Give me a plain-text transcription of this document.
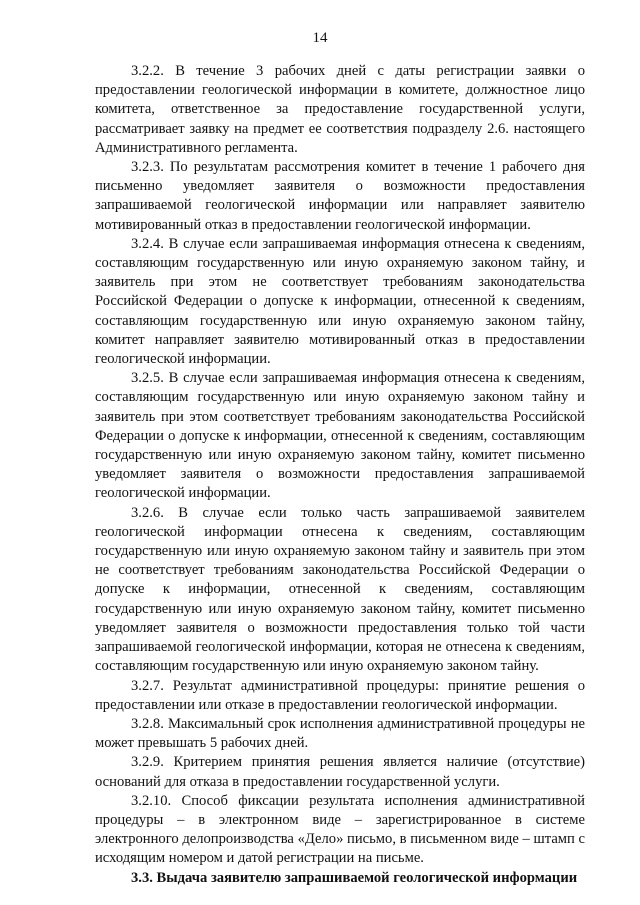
14

3.2.2. В течение 3 рабочих дней с даты регистрации заявки о предоставлении геологической информации в комитете, должностное лицо комитета, ответственное за предоставление государственной услуги, рассматривает заявку на предмет ее соответствия подразделу 2.6. настоящего Административного регламента.

3.2.3. По результатам рассмотрения комитет в течение 1 рабочего дня письменно уведомляет заявителя о возможности предоставления запрашиваемой геологической информации или направляет заявителю мотивированный отказ в предоставлении геологической информации.

3.2.4. В случае если запрашиваемая информация отнесена к сведениям, составляющим государственную или иную охраняемую законом тайну, и заявитель при этом не соответствует требованиям законодательства Российской Федерации о допуске к информации, отнесенной к сведениям, составляющим государственную или иную охраняемую законом тайну, комитет направляет заявителю мотивированный отказ в предоставлении геологической информации.

3.2.5. В случае если запрашиваемая информация отнесена к сведениям, составляющим государственную или иную охраняемую законом тайну и заявитель при этом соответствует требованиям законодательства Российской Федерации о допуске к информации, отнесенной к сведениям, составляющим государственную или иную охраняемую законом тайну, комитет письменно уведомляет заявителя о возможности предоставления запрашиваемой геологической информации.

3.2.6. В случае если только часть запрашиваемой заявителем геологической информации отнесена к сведениям, составляющим государственную или иную охраняемую законом тайну и заявитель при этом не соответствует требованиям законодательства Российской Федерации о допуске к информации, отнесенной к сведениям, составляющим государственную или иную охраняемую законом тайну, комитет письменно уведомляет заявителя о возможности предоставления только той части запрашиваемой геологической информации, которая не отнесена к сведениям, составляющим государственную или иную охраняемую законом тайну.

3.2.7. Результат административной процедуры: принятие решения о предоставлении или отказе в предоставлении геологической информации.

3.2.8. Максимальный срок исполнения административной процедуры не может превышать 5 рабочих дней.

3.2.9. Критерием принятия решения является наличие (отсутствие) оснований для отказа в предоставлении государственной услуги.

3.2.10. Способ фиксации результата исполнения административной процедуры – в электронном виде – зарегистрированное в системе электронного делопроизводства «Дело» письмо, в письменном виде – штамп с исходящим номером и датой регистрации на письме.

3.3. Выдача заявителю запрашиваемой геологической информации
